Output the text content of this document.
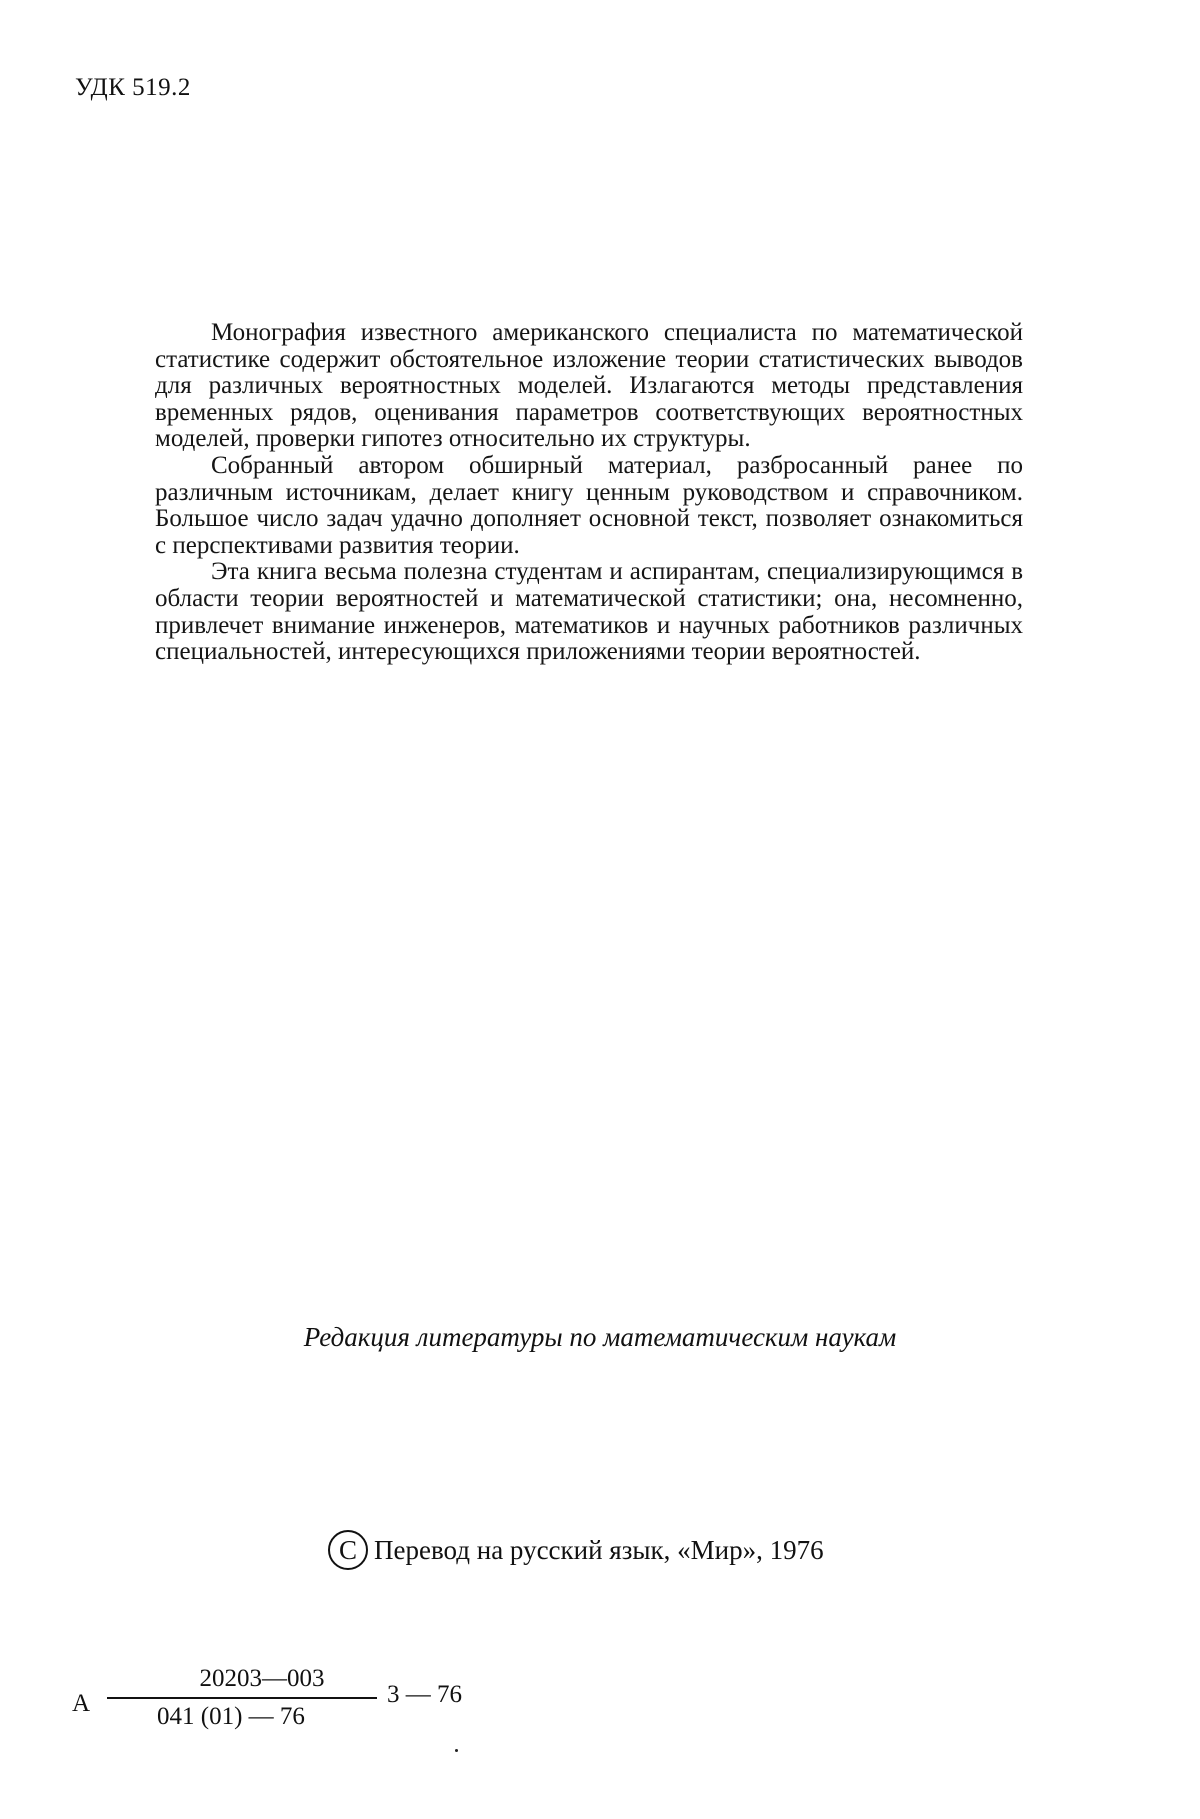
УДК 519.2

Монография известного американского специалиста по математической статистике содержит обстоятельное изложение теории статистических выводов для различных вероятностных моделей. Излагаются методы представления временных рядов, оценивания параметров соответствующих вероятностных моделей, проверки гипотез относительно их структуры.

Собранный автором обширный материал, разбросанный ранее по различным источникам, делает книгу ценным руководством и справочником. Большое число задач удачно дополняет основной текст, позволяет ознакомиться с перспективами развития теории.

Эта книга весьма полезна студентам и аспирантам, специализирующимся в области теории вероятностей и математической статистики; она, несомненно, привлечет внимание инженеров, математиков и научных работников различных специальностей, интересующихся приложениями теории вероятностей.

Редакция литературы по математическим наукам
C Перевод на русский язык, «Мир», 1976
А
20203—003
041 (01) — 76
3 — 76
